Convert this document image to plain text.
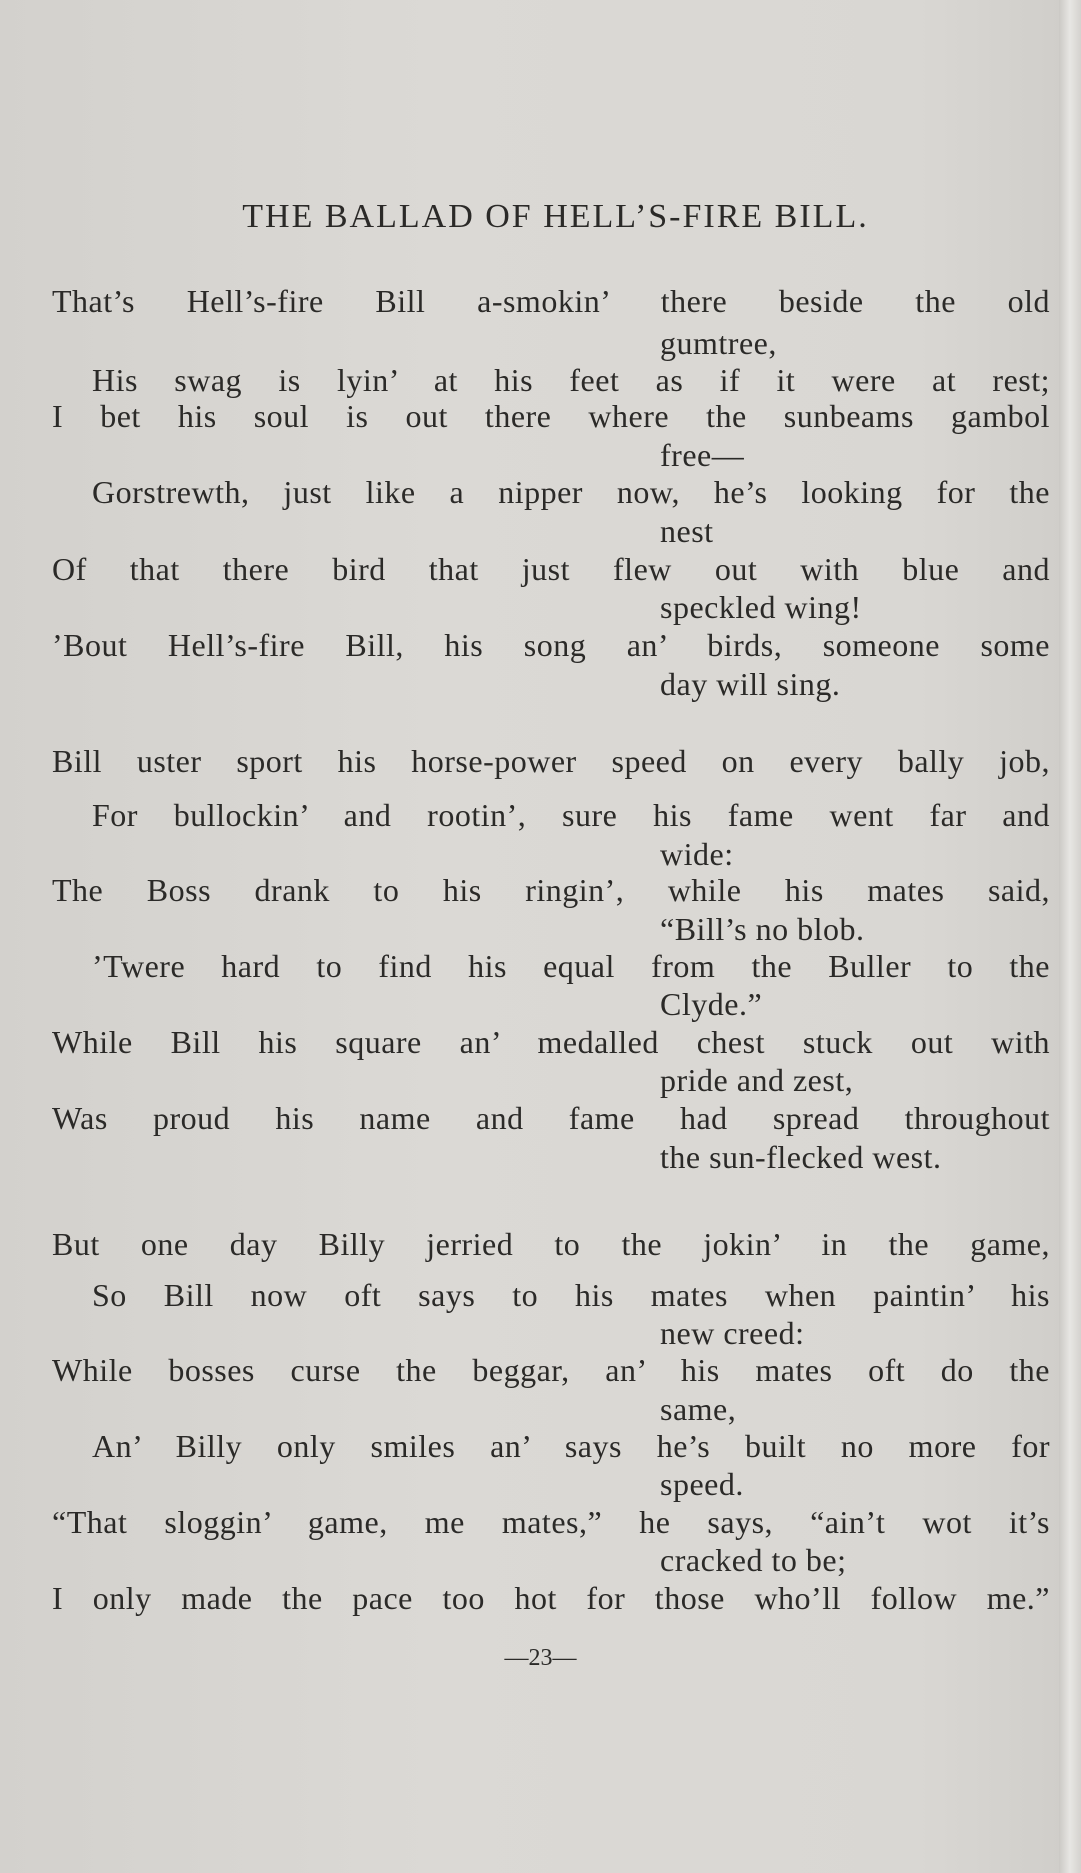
THE BALLAD OF HELL’S-FIRE BILL.
That’s Hell’s-fire Bill a-smokin’ there beside the old
gumtree,
His swag is lyin’ at his feet as if it were at rest;
I bet his soul is out there where the sunbeams gambol
free—
Gorstrewth, just like a nipper now, he’s looking for the
nest
Of that there bird that just flew out with blue and
speckled wing!
’Bout Hell’s-fire Bill, his song an’ birds, someone some
day will sing.
Bill uster sport his horse-power speed on every bally job,
For bullockin’ and rootin’, sure his fame went far and
wide:
The Boss drank to his ringin’, while his mates said,
“Bill’s no blob.
’Twere hard to find his equal from the Buller to the
Clyde.”
While Bill his square an’ medalled chest stuck out with
pride and zest,
Was proud his name and fame had spread throughout
the sun-flecked west.
But one day Billy jerried to the jokin’ in the game,
So Bill now oft says to his mates when paintin’ his
new creed:
While bosses curse the beggar, an’ his mates oft do the
same,
An’ Billy only smiles an’ says he’s built no more for
speed.
“That sloggin’ game, me mates,” he says, “ain’t wot it’s
cracked to be;
I only made the pace too hot for those who’ll follow me.”
—23—
